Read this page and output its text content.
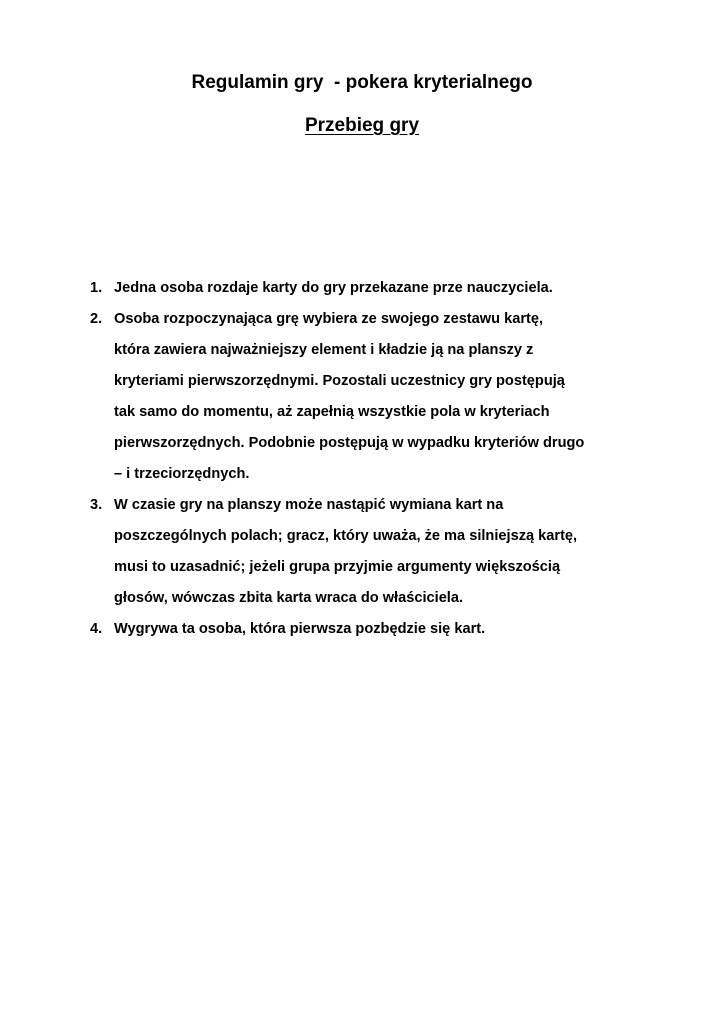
Regulamin gry  - pokera kryterialnego
Przebieg gry
1. Jedna osoba rozdaje karty do gry przekazane prze nauczyciela.
2. Osoba rozpoczynająca grę wybiera ze swojego zestawu kartę,
która zawiera najważniejszy element i kładzie ją na planszy z
kryteriami pierwszorzędnymi. Pozostali uczestnicy gry postępują
tak samo do momentu, aż zapełnią wszystkie pola w kryteriach
pierwszorzędnych. Podobnie postępują w wypadku kryteriów drugo
– i trzeciorzędnych.
3. W czasie gry na planszy może nastąpić wymiana kart na
poszczególnych polach; gracz, który uważa, że ma silniejszą kartę,
musi to uzasadnić; jeżeli grupa przyjmie argumenty większością
głosów, wówczas zbita karta wraca do właściciela.
4. Wygrywa ta osoba, która pierwsza pozbędzie się kart.
